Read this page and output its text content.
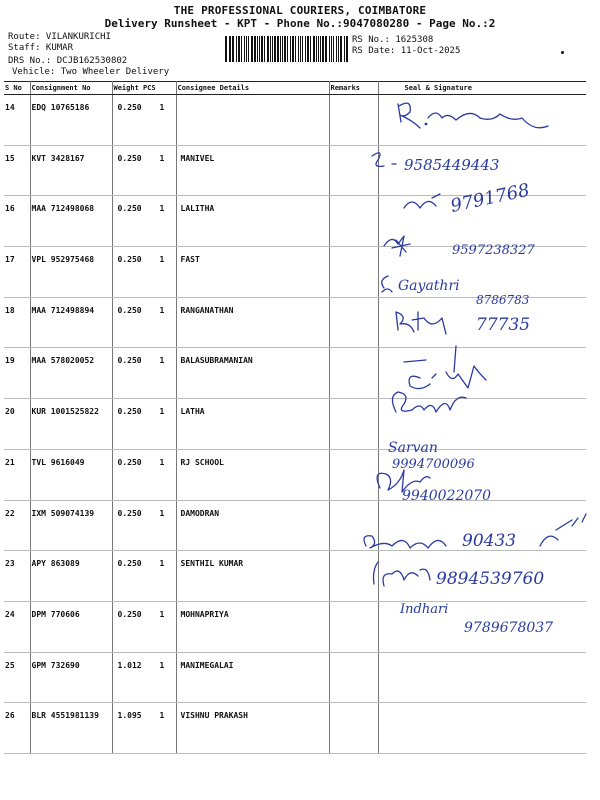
THE PROFESSIONAL COURIERS, COIMBATORE
Delivery Runsheet - KPT - Phone No.:9047080280 - Page No.:2
Route: VILANKURICHI
Staff: KUMAR
DRS No.: DCJB162530802
Vehicle: Two Wheeler Delivery
RS No.: 1625308
RS Date: 11-Oct-2025
S No	Consignment No	Weight PCS	Consignee Details	Remarks	Seal & Signature
14	EDQ 10765186	0.250 1			
15	KVT 3428167	0.250 1	MANIVEL		
16	MAA 712498068	0.250 1	LALITHA		
17	VPL 952975468	0.250 1	FAST		
18	MAA 712498894	0.250 1	RANGANATHAN		
19	MAA 578020052	0.250 1	BALASUBRAMANIAN		
20	KUR 1001525822	0.250 1	LATHA		
21	TVL 9616049	0.250 1	RJ SCHOOL		
22	IXM 509074139	0.250 1	DAMODRAN		
23	APY 863089	0.250 1	SENTHIL KUMAR		
24	DPM 770606	0.250 1	MOHNAPRIYA		
25	GPM 732690	1.012 1	MANIMEGALAI		
26	BLR 4551981139	1.095 1	VISHNU PRAKASH		
9585449443
9791768
9597238327
Gayathri
8786783
77735
Sarvan
9994700096
9940022070
90433
9894539760
Indhari
9789678037
